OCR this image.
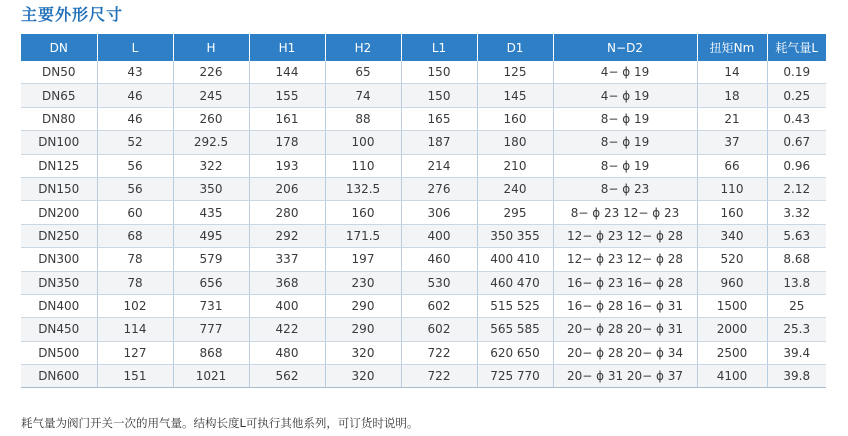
主要外形尺寸
DN	L	H	H1	H2	L1	D1	N−D2	扭矩Nm	耗气量L
DN50	43	226	144	65	150	125	4− ϕ 19	14	0.19
DN65	46	245	155	74	150	145	4− ϕ 19	18	0.25
DN80	46	260	161	88	165	160	8− ϕ 19	21	0.43
DN100	52	292.5	178	100	187	180	8− ϕ 19	37	0.67
DN125	56	322	193	110	214	210	8− ϕ 19	66	0.96
DN150	56	350	206	132.5	276	240	8− ϕ 23	110	2.12
DN200	60	435	280	160	306	295	8− ϕ 23 12− ϕ 23	160	3.32
DN250	68	495	292	171.5	400	350 355	12− ϕ 23 12− ϕ 28	340	5.63
DN300	78	579	337	197	460	400 410	12− ϕ 23 12− ϕ 28	520	8.68
DN350	78	656	368	230	530	460 470	16− ϕ 23 16− ϕ 28	960	13.8
DN400	102	731	400	290	602	515 525	16− ϕ 28 16− ϕ 31	1500	25
DN450	114	777	422	290	602	565 585	20− ϕ 28 20− ϕ 31	2000	25.3
DN500	127	868	480	320	722	620 650	20− ϕ 28 20− ϕ 34	2500	39.4
DN600	151	1021	562	320	722	725 770	20− ϕ 31 20− ϕ 37	4100	39.8
耗气量为阀门开关一次的用气量。结构长度L可执行其他系列，可订货时说明。
